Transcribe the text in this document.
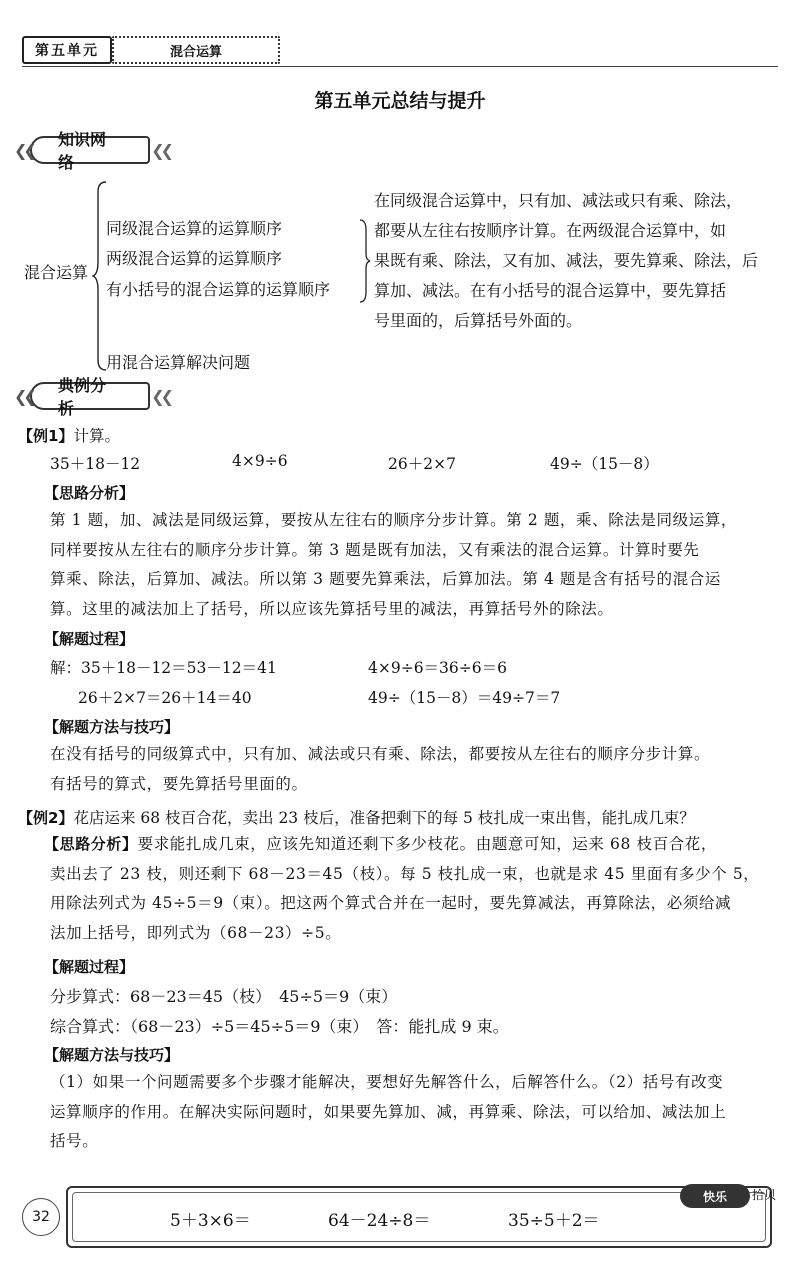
第五单元	混合运算
第五单元总结与提升
❮❮
知识网络
❮❮
混合运算
同级混合运算的运算顺序
两级混合运算的运算顺序
有小括号的混合运算的运算顺序
用混合运算解决问题
在同级混合运算中，只有加、减法或只有乘、除法，
都要从左往右按顺序计算。在两级混合运算中，如
果既有乘、除法，又有加、减法，要先算乘、除法，后
算加、减法。在有小括号的混合运算中，要先算括
号里面的，后算括号外面的。
❮❮
典例分析
❮❮
【例1】计算。
35＋18－12	4×9÷6	26＋2×7	49÷（15－8）
【思路分析】
第 1 题，加、减法是同级运算，要按从左往右的顺序分步计算。第 2 题，乘、除法是同级运算，
同样要按从左往右的顺序分步计算。第 3 题是既有加法，又有乘法的混合运算。计算时要先
算乘、除法，后算加、减法。所以第 3 题要先算乘法，后算加法。第 4 题是含有括号的混合运
算。这里的减法加上了括号，所以应该先算括号里的减法，再算括号外的除法。
【解题过程】
解：35＋18－12＝53－12＝41	4×9÷6＝36÷6＝6
26＋2×7＝26＋14＝40	49÷（15－8）＝49÷7＝7
【解题方法与技巧】
在没有括号的同级算式中，只有加、减法或只有乘、除法，都要按从左往右的顺序分步计算。
有括号的算式，要先算括号里面的。
【例2】花店运来 68 枝百合花，卖出 23 枝后，准备把剩下的每 5 枝扎成一束出售，能扎成几束？
【思路分析】要求能扎成几束，应该先知道还剩下多少枝花。由题意可知，运来 68 枝百合花，
卖出去了 23 枝，则还剩下 68－23＝45（枝）。每 5 枝扎成一束，也就是求 45 里面有多少个 5，
用除法列式为 45÷5＝9（束）。把这两个算式合并在一起时，要先算减法，再算除法，必须给减
法加上括号，即列式为（68－23）÷5。
【解题过程】
分步算式：68－23＝45（枝）　45÷5＝9（束）
综合算式：（68－23）÷5＝45÷5＝9（束）　答：能扎成 9 束。
【解题方法与技巧】
（1）如果一个问题需要多个步骤才能解决，要想好先解答什么，后解答什么。（2）括号有改变
运算顺序的作用。在解决实际问题时，如果要先算加、减，再算乘、除法，可以给加、减法加上
括号。
32
快乐	拾贝
5＋3×6＝	64－24÷8＝	35÷5＋2＝
